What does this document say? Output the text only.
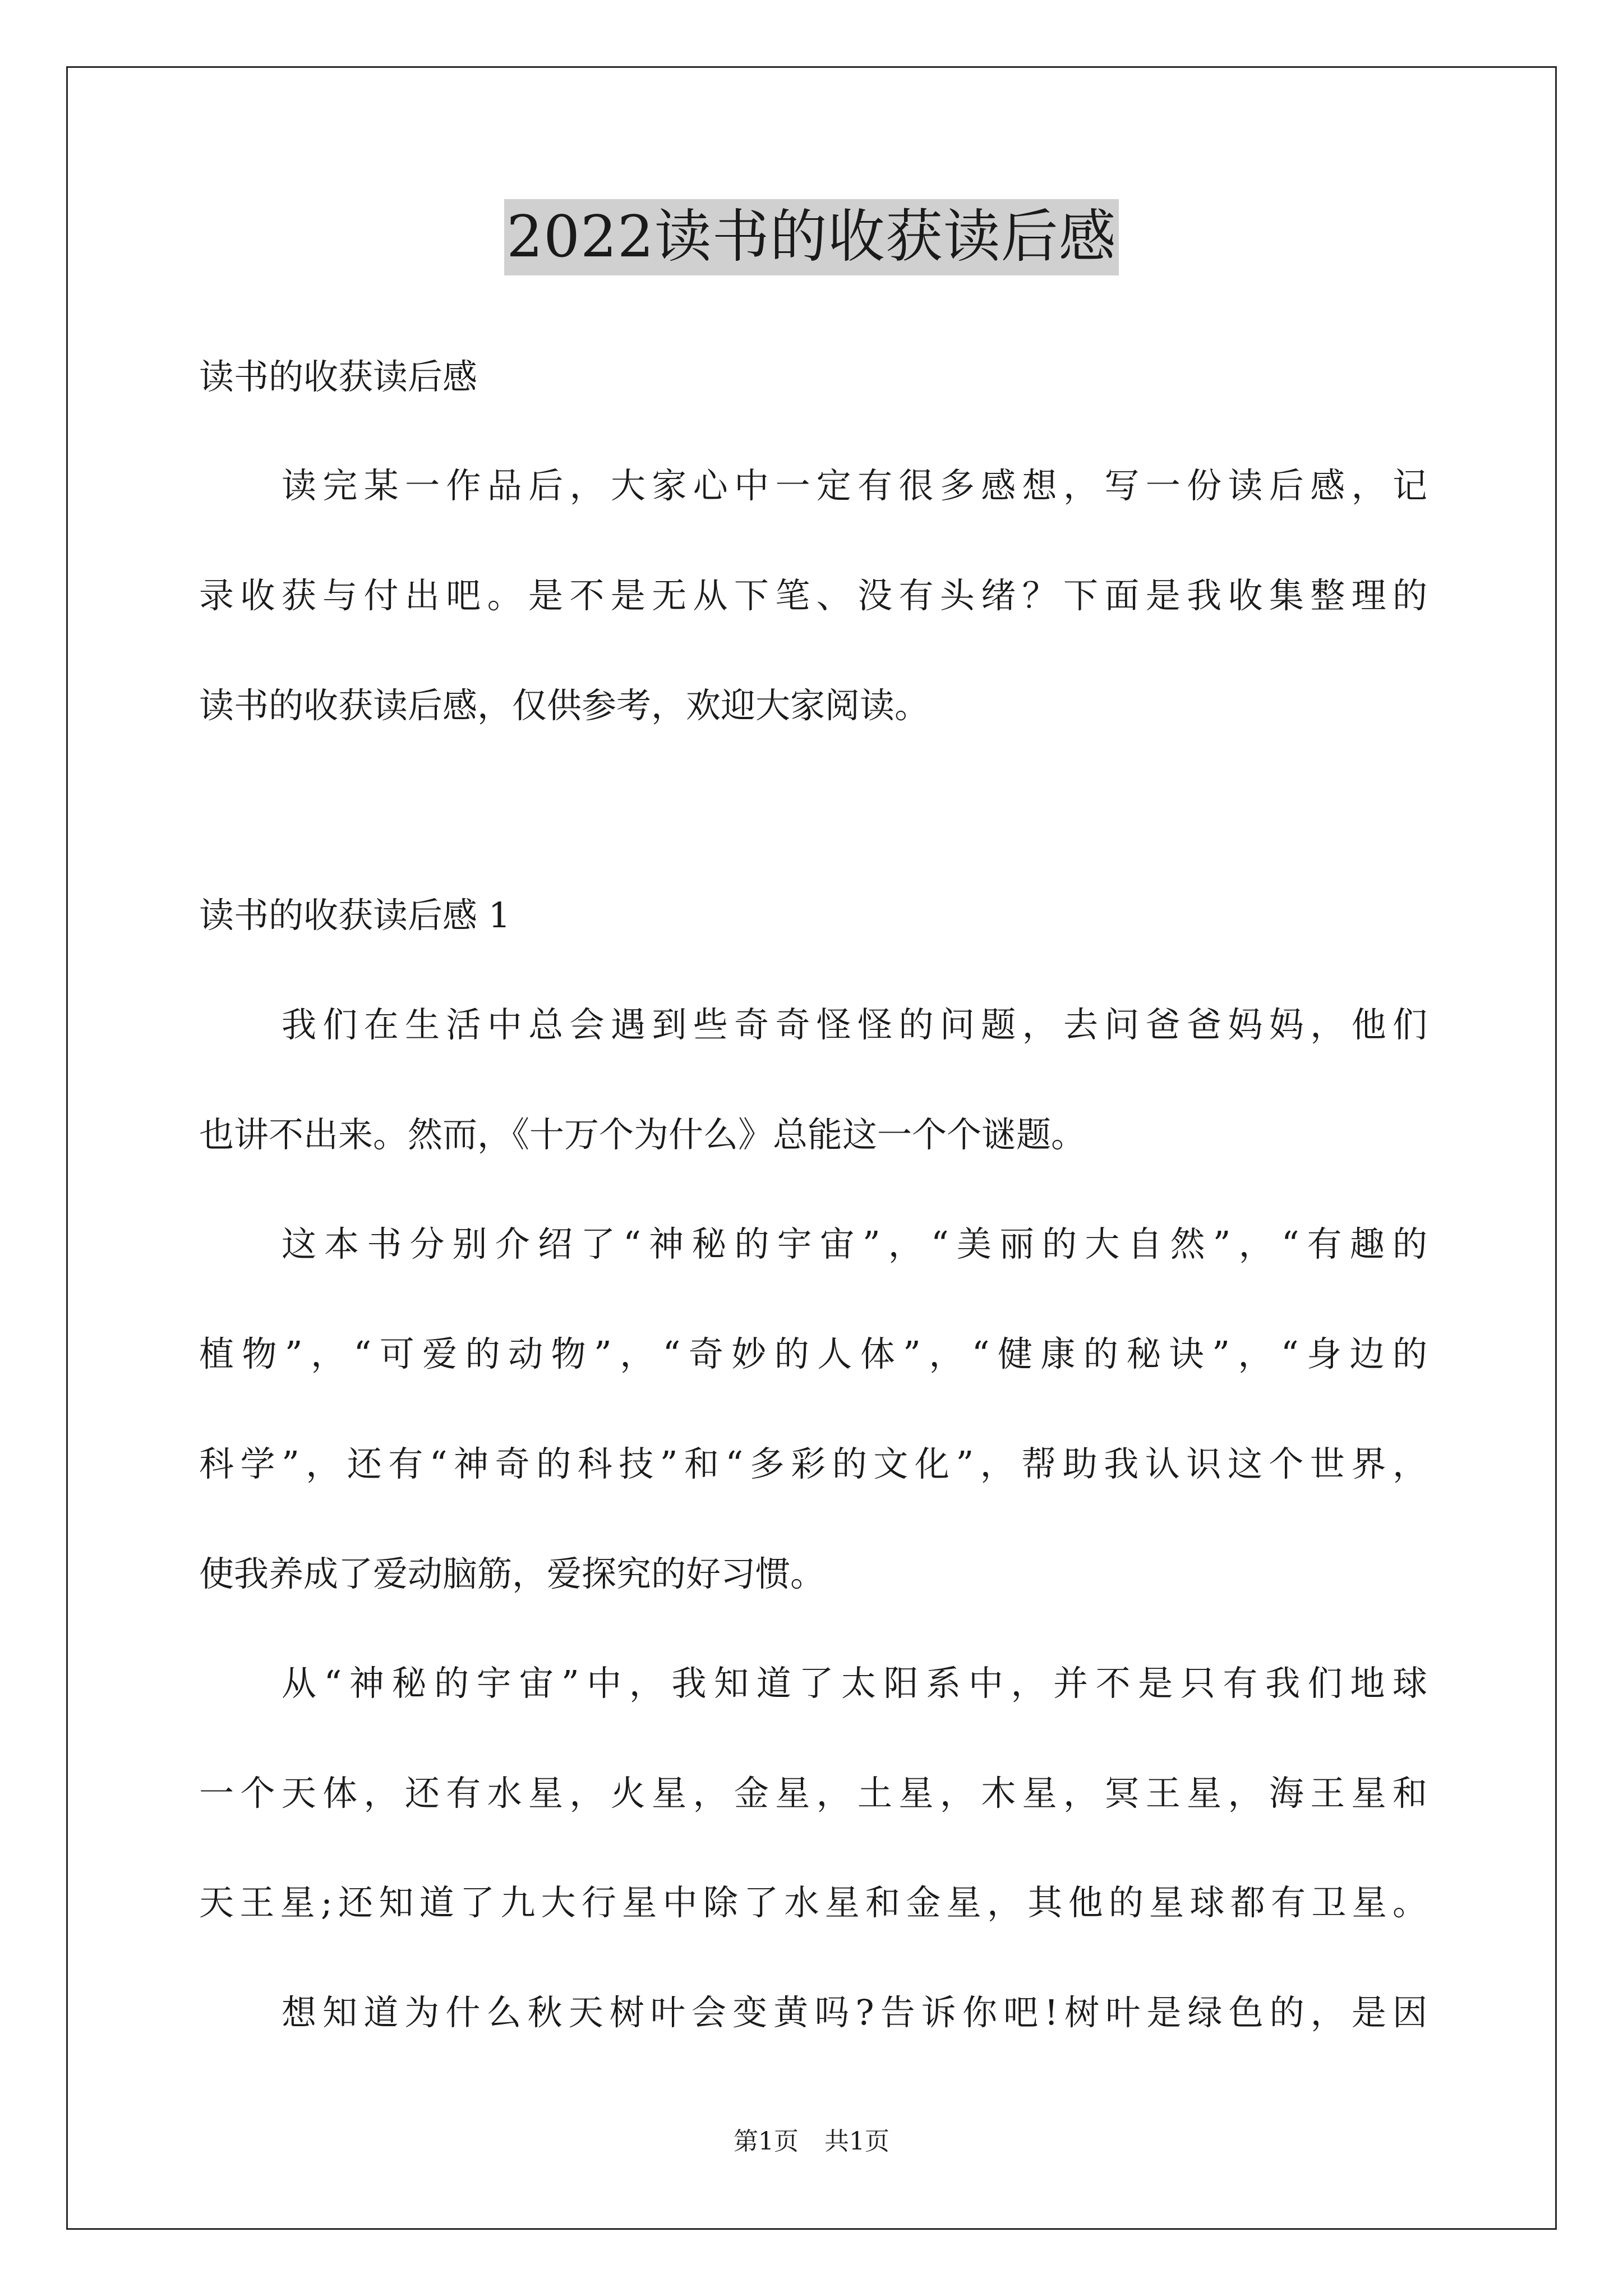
2022读书的收获读后感
读书的收获读后感
读完某一作品后，大家心中一定有很多感想，写一份读后感，记
录收获与付出吧。是不是无从下笔、没有头绪？下面是我收集整理的
读书的收获读后感，仅供参考，欢迎大家阅读。
读书的收获读后感 1
我们在生活中总会遇到些奇奇怪怪的问题，去问爸爸妈妈，他们
也讲不出来。然而，《十万个为什么》总能这一个个谜题。
这本书分别介绍了“神秘的宇宙”，“美丽的大自然”，“有趣的
植物”，“可爱的动物”，“奇妙的人体”，“健康的秘诀”，“身边的
科学”，还有“神奇的科技”和“多彩的文化”，帮助我认识这个世界，
使我养成了爱动脑筋，爱探究的好习惯。
从“神秘的宇宙”中，我知道了太阳系中，并不是只有我们地球
一个天体，还有水星，火星，金星，土星，木星，冥王星，海王星和
天王星;还知道了九大行星中除了水星和金星，其他的星球都有卫星。
想知道为什么秋天树叶会变黄吗?告诉你吧!树叶是绿色的，是因
第1页 共1页
